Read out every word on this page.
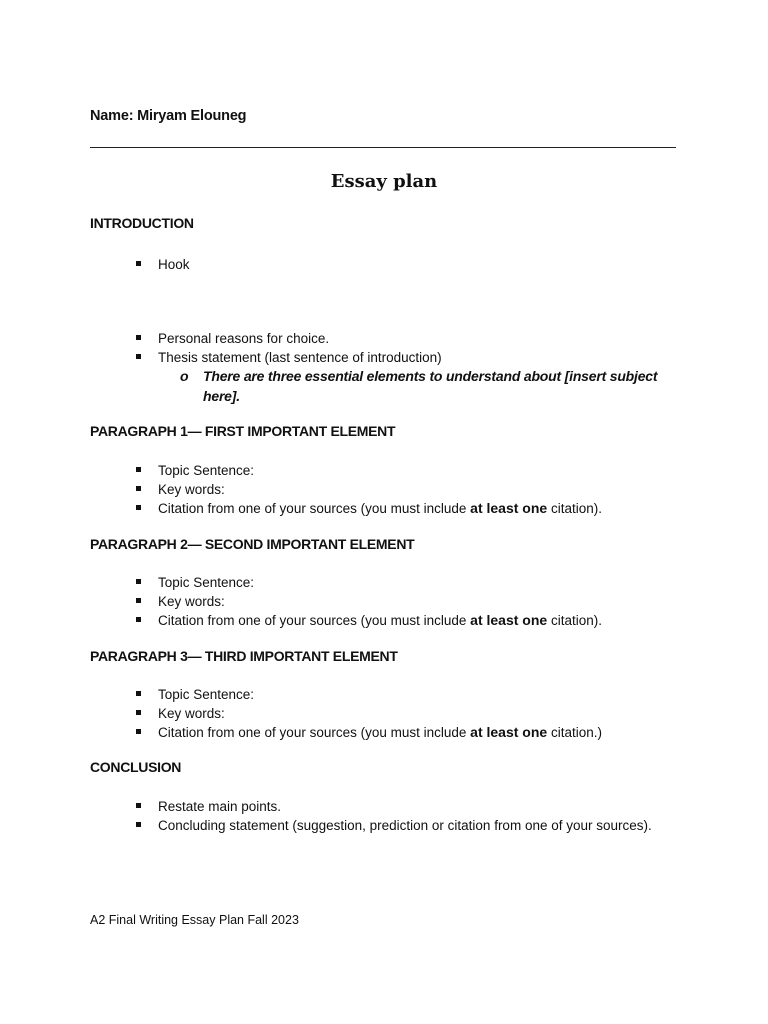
Name: Miryam Elouneg
Essay plan
INTRODUCTION
Hook
Personal reasons for choice.
Thesis statement (last sentence of introduction)
o There are three essential elements to understand about [insert subject here].
PARAGRAPH 1— FIRST IMPORTANT ELEMENT
Topic Sentence:
Key words:
Citation from one of your sources (you must include at least one citation).
PARAGRAPH 2— SECOND IMPORTANT ELEMENT
Topic Sentence:
Key words:
Citation from one of your sources (you must include at least one citation).
PARAGRAPH 3— THIRD IMPORTANT ELEMENT
Topic Sentence:
Key words:
Citation from one of your sources (you must include at least one citation.)
CONCLUSION
Restate main points.
Concluding statement (suggestion, prediction or citation from one of your sources).
A2 Final Writing Essay Plan Fall 2023
